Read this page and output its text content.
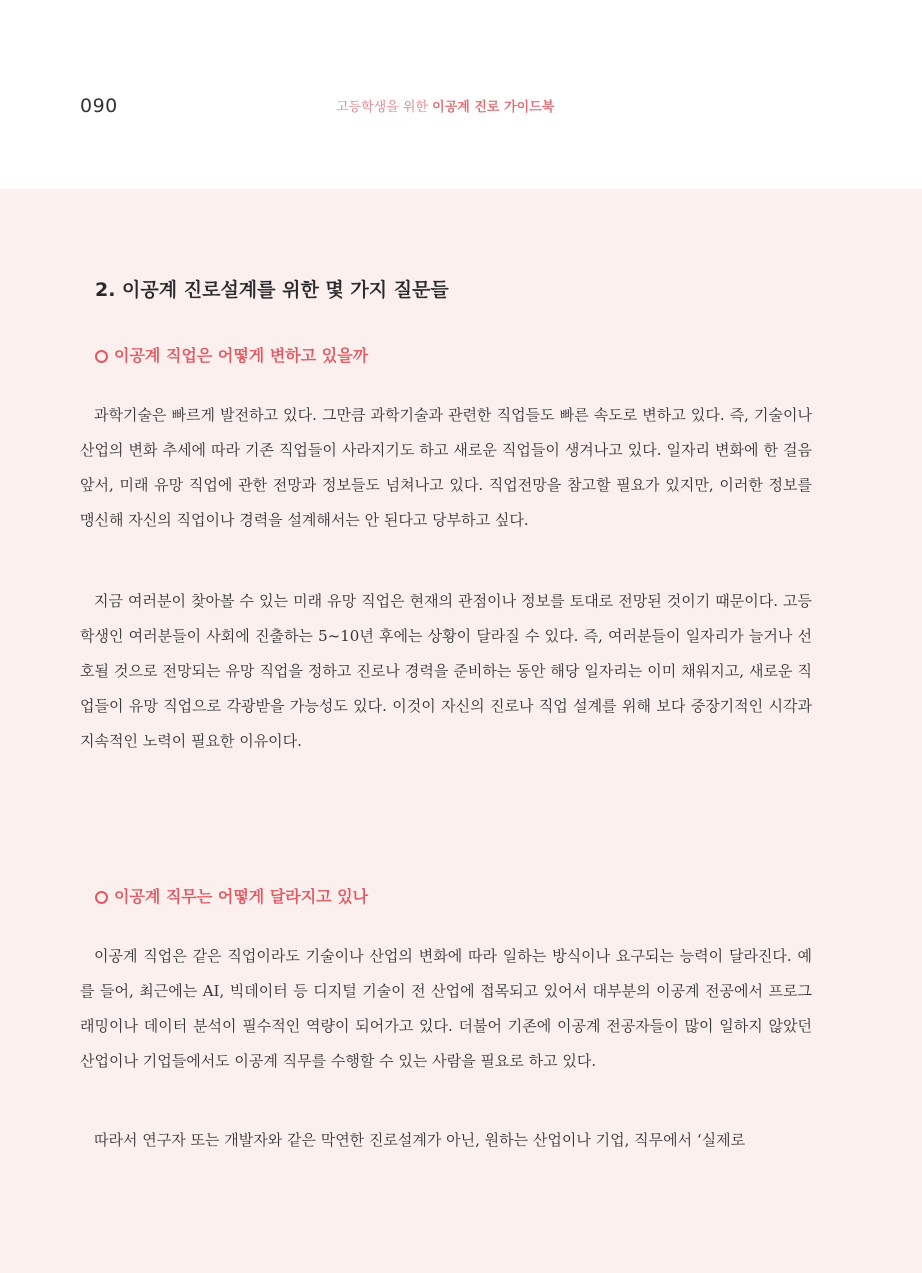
090	고등학생을 위한 이공계 진로 가이드북
2. 이공계 진로설계를 위한 몇 가지 질문들
이공계 직업은 어떻게 변하고 있을까

과학기술은 빠르게 발전하고 있다. 그만큼 과학기술과 관련한 직업들도 빠른 속도로 변하고 있다. 즉, 기술이나 산업의 변화 추세에 따라 기존 직업들이 사라지기도 하고 새로운 직업들이 생겨나고 있다. 일자리 변화에 한 걸음 앞서, 미래 유망 직업에 관한 전망과 정보들도 넘쳐나고 있다. 직업전망을 참고할 필요가 있지만, 이러한 정보를 맹신해 자신의 직업이나 경력을 설계해서는 안 된다고 당부하고 싶다.

지금 여러분이 찾아볼 수 있는 미래 유망 직업은 현재의 관점이나 정보를 토대로 전망된 것이기 때문이다. 고등학생인 여러분들이 사회에 진출하는 5~10년 후에는 상황이 달라질 수 있다. 즉, 여러분들이 일자리가 늘거나 선호될 것으로 전망되는 유망 직업을 정하고 진로나 경력을 준비하는 동안 해당 일자리는 이미 채워지고, 새로운 직업들이 유망 직업으로 각광받을 가능성도 있다. 이것이 자신의 진로나 직업 설계를 위해 보다 중장기적인 시각과 지속적인 노력이 필요한 이유이다.

이공계 직무는 어떻게 달라지고 있나

이공계 직업은 같은 직업이라도 기술이나 산업의 변화에 따라 일하는 방식이나 요구되는 능력이 달라진다. 예를 들어, 최근에는 AI, 빅데이터 등 디지털 기술이 전 산업에 접목되고 있어서 대부분의 이공계 전공에서 프로그래밍이나 데이터 분석이 필수적인 역량이 되어가고 있다. 더불어 기존에 이공계 전공자들이 많이 일하지 않았던 산업이나 기업들에서도 이공계 직무를 수행할 수 있는 사람을 필요로 하고 있다.

따라서 연구자 또는 개발자와 같은 막연한 진로설계가 아닌, 원하는 산업이나 기업, 직무에서 ‘실제로
